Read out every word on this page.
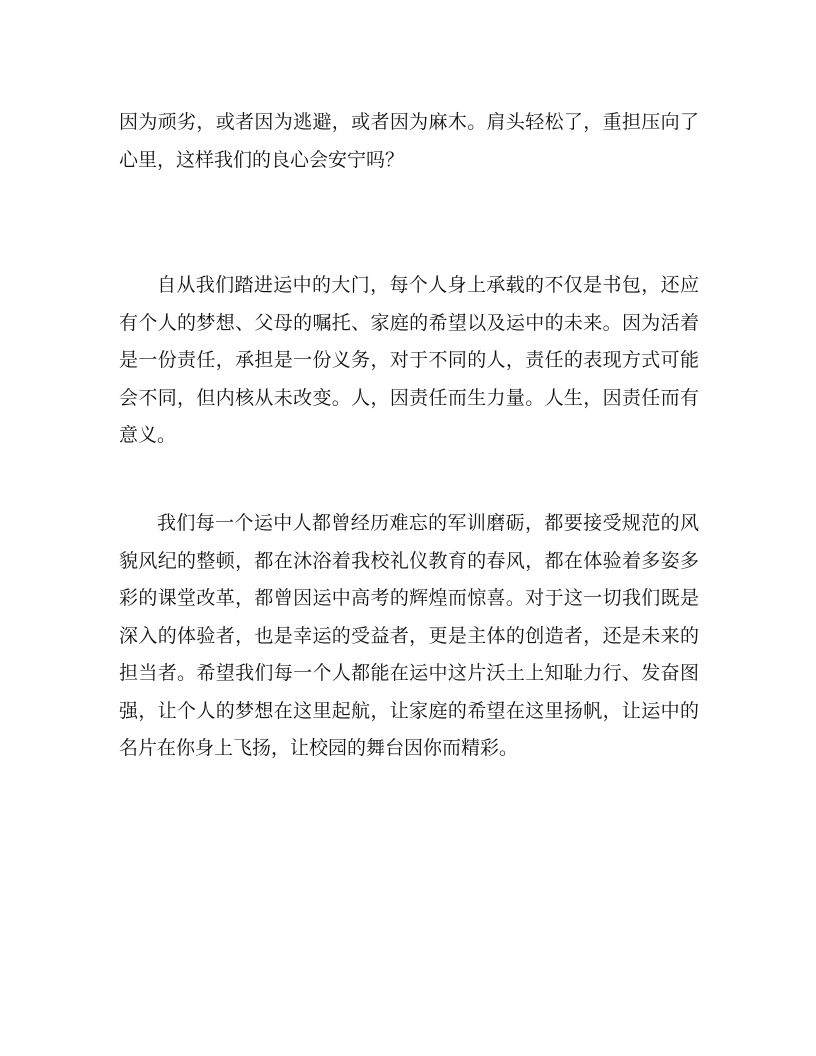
因为顽劣，或者因为逃避，或者因为麻木。肩头轻松了，重担压向了心里，这样我们的良心会安宁吗？

自从我们踏进运中的大门，每个人身上承载的不仅是书包，还应有个人的梦想、父母的嘱托、家庭的希望以及运中的未来。因为活着是一份责任，承担是一份义务，对于不同的人，责任的表现方式可能会不同，但内核从未改变。人，因责任而生力量。人生，因责任而有意义。

我们每一个运中人都曾经历难忘的军训磨砺，都要接受规范的风貌风纪的整顿，都在沐浴着我校礼仪教育的春风，都在体验着多姿多彩的课堂改革，都曾因运中高考的辉煌而惊喜。对于这一切我们既是深入的体验者，也是幸运的受益者，更是主体的创造者，还是未来的担当者。希望我们每一个人都能在运中这片沃土上知耻力行、发奋图强，让个人的梦想在这里起航，让家庭的希望在这里扬帆，让运中的名片在你身上飞扬，让校园的舞台因你而精彩。
